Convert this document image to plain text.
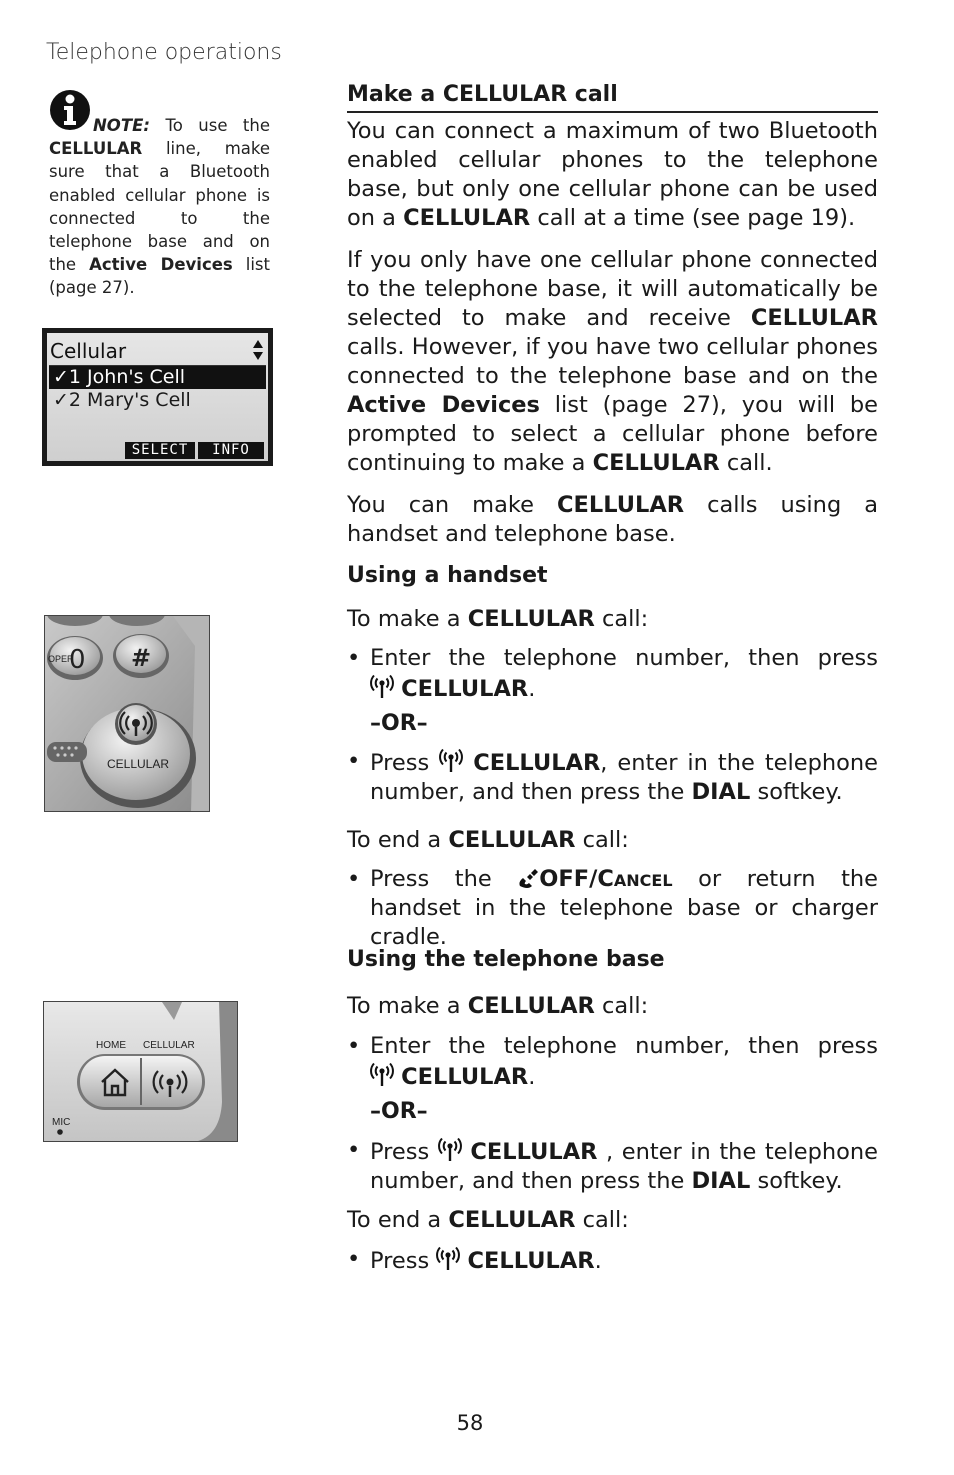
Telephone operations
NOTE: To use the
CELLULAR line, make sure that a Bluetooth enabled cellular phone is connected to the telephone base and on the Active Devices list (page 27).
Cellular
✓1 John's Cell
✓2 Mary's Cell
SELECT	INFO
OPER
0 #
CELLULAR
HOME CELLULAR
MIC
Make a CELLULAR call
You can connect a maximum of two Bluetooth enabled cellular phones to the telephone base, but only one cellular phone can be used on a CELLULAR call at a time (see page 19).
If you only have one cellular phone connected to the telephone base, it will automatically be selected to make and receive CELLULAR calls. However, if you have two cellular phones connected to the telephone base and on the Active Devices list (page 27), you will be prompted to select a cellular phone before continuing to make a CELLULAR call.
You can make CELLULAR calls using a handset and telephone base.
Using a handset
To make a CELLULAR call:
• Enter the telephone number, then press
CELLULAR.
–OR–
• Press CELLULAR, enter in the telephone number, and then press the DIAL softkey.
To end a CELLULAR call:
• Press the OFF/Cancel or return the handset in the telephone base or charger cradle.
Using the telephone base
To make a CELLULAR call:
• Enter the telephone number, then press
CELLULAR.
–OR–
• Press CELLULAR , enter in the telephone number, and then press the DIAL softkey.
To end a CELLULAR call:
• Press CELLULAR.
58
